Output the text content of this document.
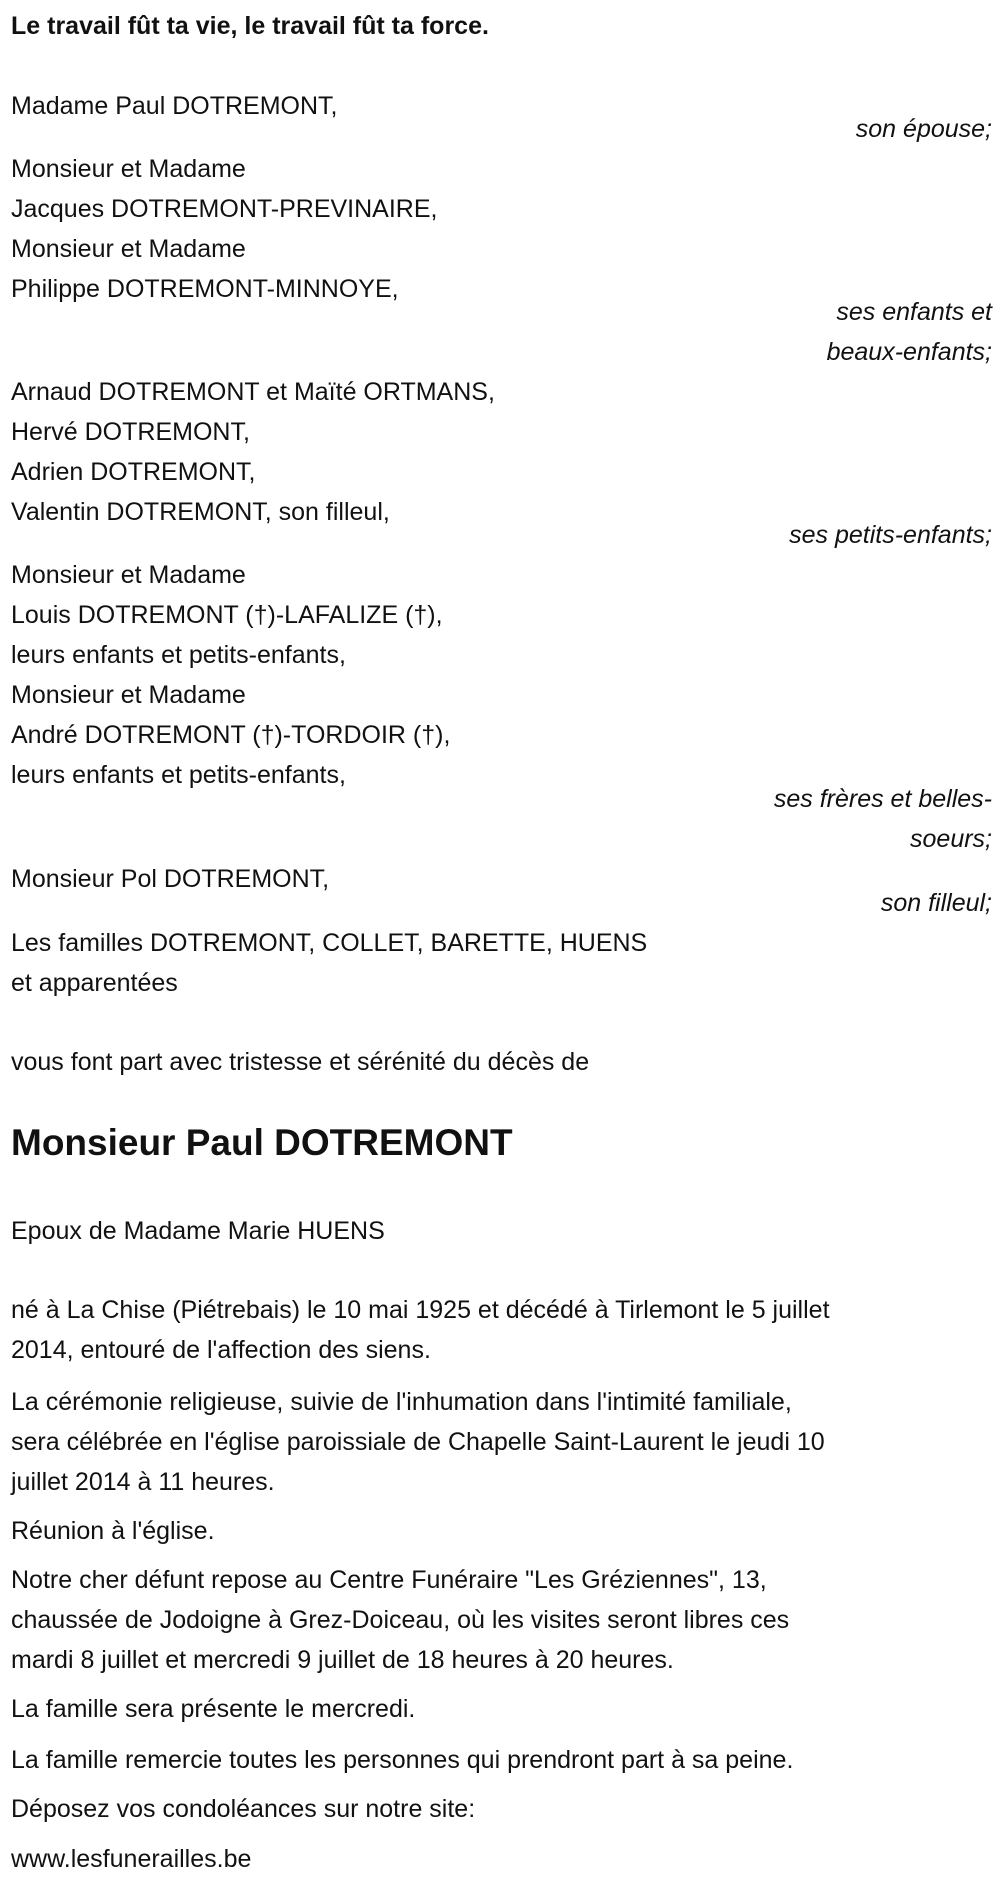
Le travail fût ta vie, le travail fût ta force.
Madame Paul DOTREMONT,
son épouse;
Monsieur et Madame
Jacques DOTREMONT-PREVINAIRE,
Monsieur et Madame
Philippe DOTREMONT-MINNOYE,
ses enfants et
beaux-enfants;
Arnaud DOTREMONT et Maïté ORTMANS,
Hervé DOTREMONT,
Adrien DOTREMONT,
Valentin DOTREMONT, son filleul,
ses petits-enfants;
Monsieur et Madame
Louis DOTREMONT (†)-LAFALIZE (†),
leurs enfants et petits-enfants,
Monsieur et Madame
André DOTREMONT (†)-TORDOIR (†),
leurs enfants et petits-enfants,
ses frères et belles-
soeurs;
Monsieur Pol DOTREMONT,
son filleul;
Les familles DOTREMONT, COLLET, BARETTE, HUENS
et apparentées
vous font part avec tristesse et sérénité du décès de
Monsieur Paul DOTREMONT
Epoux de Madame Marie HUENS
né à La Chise (Piétrebais) le 10 mai 1925 et décédé à Tirlemont le 5 juillet
2014, entouré de l'affection des siens.
La cérémonie religieuse, suivie de l'inhumation dans l'intimité familiale,
sera célébrée en l'église paroissiale de Chapelle Saint-Laurent le jeudi 10
juillet 2014 à 11 heures.
Réunion à l'église.
Notre cher défunt repose au Centre Funéraire "Les Gréziennes", 13,
chaussée de Jodoigne à Grez-Doiceau, où les visites seront libres ces
mardi 8 juillet et mercredi 9 juillet de 18 heures à 20 heures.
La famille sera présente le mercredi.
La famille remercie toutes les personnes qui prendront part à sa peine.
Déposez vos condoléances sur notre site:
www.lesfunerailles.be
